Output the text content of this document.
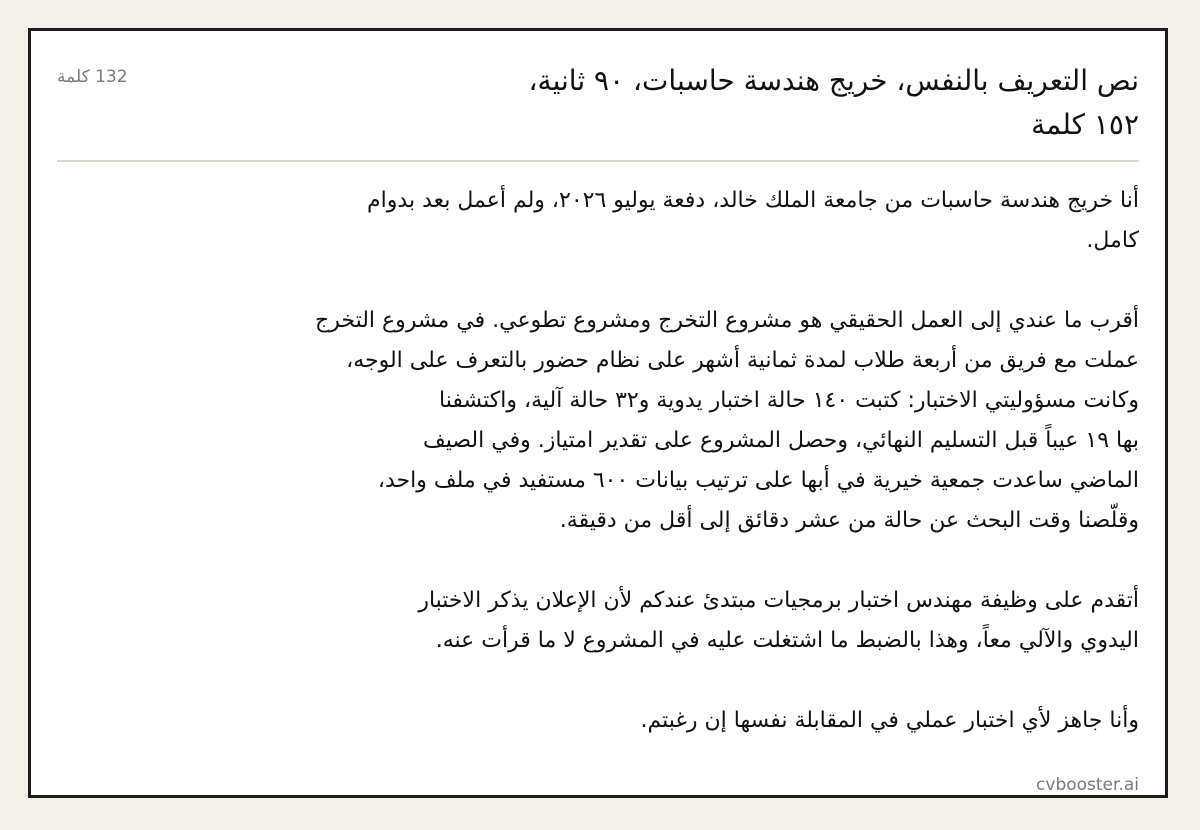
نص التعريف بالنفس، خريج هندسة حاسبات، ٩٠ ثانية، ١٥٢ كلمة
132 كلمة

أنا خريج هندسة حاسبات من جامعة الملك خالد، دفعة يوليو ٢٠٢٦، ولم أعمل بعد بدوام
كامل.

أقرب ما عندي إلى العمل الحقيقي هو مشروع التخرج ومشروع تطوعي. في مشروع التخرج
عملت مع فريق من أربعة طلاب لمدة ثمانية أشهر على نظام حضور بالتعرف على الوجه،
وكانت مسؤوليتي الاختبار: كتبت ١٤٠ حالة اختبار يدوية و٣٢ حالة آلية، واكتشفنا
بها ١٩ عيباً قبل التسليم النهائي، وحصل المشروع على تقدير امتياز. وفي الصيف
الماضي ساعدت جمعية خيرية في أبها على ترتيب بيانات ٦٠٠ مستفيد في ملف واحد،
وقلّصنا وقت البحث عن حالة من عشر دقائق إلى أقل من دقيقة.

أتقدم على وظيفة مهندس اختبار برمجيات مبتدئ عندكم لأن الإعلان يذكر الاختبار
اليدوي والآلي معاً، وهذا بالضبط ما اشتغلت عليه في المشروع لا ما قرأت عنه.

وأنا جاهز لأي اختبار عملي في المقابلة نفسها إن رغبتم.

cvbooster.ai
